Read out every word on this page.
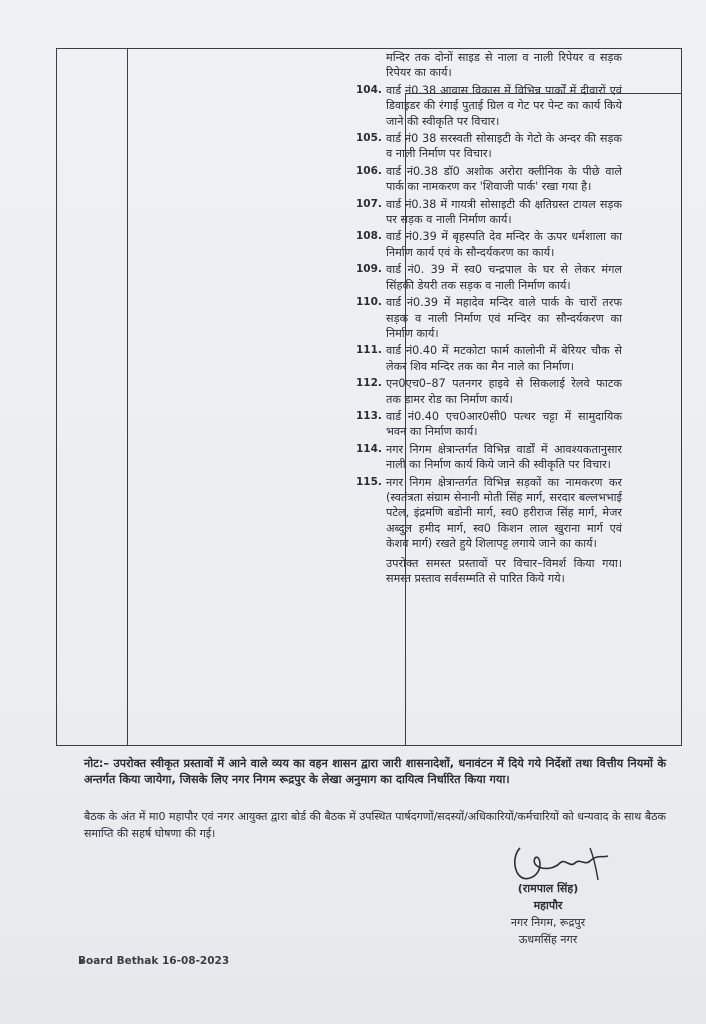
मन्दिर तक दोनों साइड से नाला व नाली रिपेयर व सड़क रिपेयर का कार्य।
104. वार्ड नं0.38 आवास विकास में विभिन्न पार्कों में दीवारों एवं डिवाइडर की रंगाई पुताई ग्रिल व गेट पर पेन्ट का कार्य किये जाने की स्वीकृति पर विचार।
105. वार्ड नं0 38 सरस्वती सोसाइटी के गेटो के अन्दर की सड़क व नाली निर्माण पर विचार।
106. वार्ड नं0.38 डॉ0 अशोक अरोरा क्लीनिक के पीछे वाले पार्क का नामकरण कर 'शिवाजी पार्क' रखा गया है।
107. वार्ड नं0.38 में गायत्री सोसाइटी की क्षतिग्रस्त टायल सड़क पर सड़क व नाली निर्माण कार्य।
108. वार्ड नं0.39 में बृहस्पति देव मन्दिर के ऊपर धर्मशाला का निर्माण कार्य एवं के सौन्दर्यकरण का कार्य।
109. वार्ड नं0. 39 में स्व0 चन्द्रपाल के घर से लेकर मंगल सिंहकी डेयरी तक सड़क व नाली निर्माण कार्य।
110. वार्ड नं0.39 में महादेव मन्दिर वाले पार्क के चारों तरफ सड़क व नाली निर्माण एवं मन्दिर का सौन्दर्यकरण का निर्माण कार्य।
111. वार्ड नं0.40 में मटकोटा फार्म कालोनी में बेरियर चौक से लेकर शिव मन्दिर तक का मैन नाले का निर्माण।
112. एन0एच0–87 पतनगर हाइवे से सिकलाई रेलवे फाटक तक डामर रोड का निर्माण कार्य।
113. वार्ड नं0.40 एच0आर0सी0 पत्थर चट्टा में सामुदायिक भवन का निर्माण कार्य।
114. नगर निगम क्षेत्रान्तर्गत विभिन्न वार्डों में आवश्यकतानुसार नाली का निर्माण कार्य किये जाने की स्वीकृति पर विचार।
115. नगर निगम क्षेत्रान्तर्गत विभिन्न सड़कों का नामकरण कर (स्वतंत्रता संग्राम सेनानी मोती सिंह मार्ग, सरदार बल्लभभाई पटेल, इंद्रमणि बडोनी मार्ग, स्व0 हरीराज सिंह मार्ग, मेजर अब्दुल हमीद मार्ग, स्व0 किशन लाल खुराना मार्ग एवं केशव मार्ग) रखते हुये शिलापट्ट लगाये जाने का कार्य।
उपरोक्त समस्त प्रस्तावों पर विचार–विमर्श किया गया। समस्त प्रस्ताव सर्वसम्मति से पारित किये गये।
नोट:– उपरोक्त स्वीकृत प्रस्तावों में आने वाले व्यय का वहन शासन द्वारा जारी शासनादेशों, धनावंटन में दिये गये निर्देशों तथा वित्तीय नियमों के अन्तर्गत किया जायेगा, जिसके लिए नगर निगम रूद्रपुर के लेखा अनुमाग का दायित्व निर्धारित किया गया।
बैठक के अंत में मा0 महापौर एवं नगर आयुक्त द्वारा बोर्ड की बैठक में उपस्थित पार्षदगणों/सदस्यों/अधिकारियों/कर्मचारियों को धन्यवाद के साथ बैठक समाप्ति की सहर्ष घोषणा की गई।
(रामपाल सिंह)
महापौर
नगर निगम, रूद्रपुर
ऊधमसिंह नगर
Board Bethak 16-08-2023
